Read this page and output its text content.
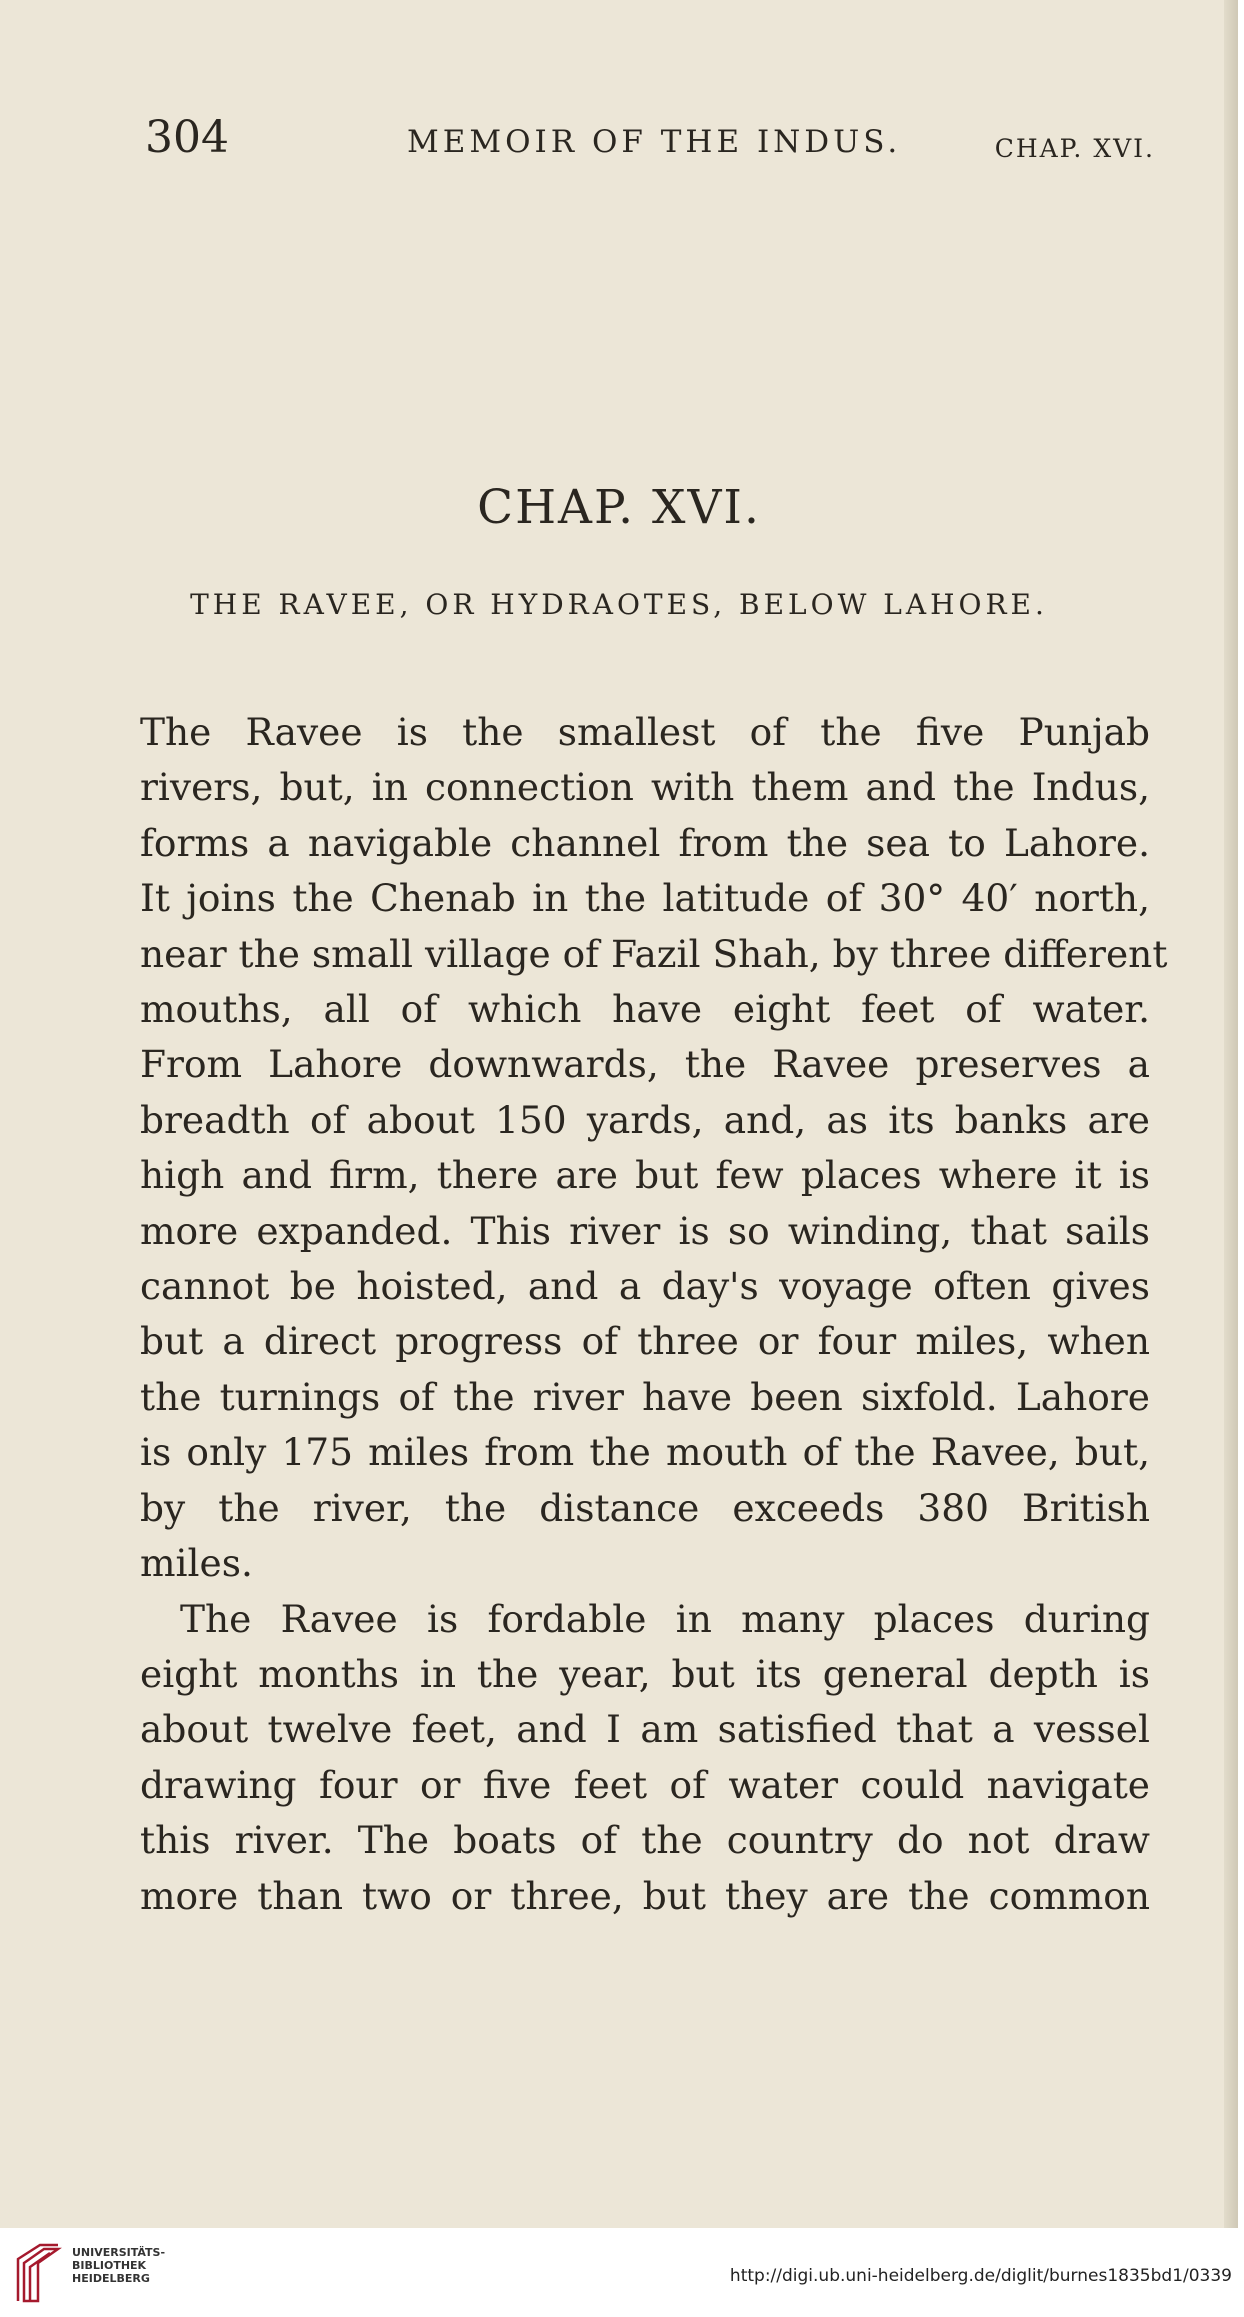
304	MEMOIR OF THE INDUS.	CHAP. XVI.
CHAP. XVI.
THE RAVEE, OR HYDRAOTES, BELOW LAHORE.
The Ravee is the smallest of the five Punjab
rivers, but, in connection with them and the Indus,
forms a navigable channel from the sea to Lahore.
It joins the Chenab in the latitude of 30° 40′ north,
near the small village of Fazil Shah, by three different
mouths, all of which have eight feet of water.
From Lahore downwards, the Ravee preserves a
breadth of about 150 yards, and, as its banks are
high and firm, there are but few places where it is
more expanded. This river is so winding, that sails
cannot be hoisted, and a day's voyage often gives
but a direct progress of three or four miles, when
the turnings of the river have been sixfold. Lahore
is only 175 miles from the mouth of the Ravee, but,
by the river, the distance exceeds 380 British
miles.
The Ravee is fordable in many places during
eight months in the year, but its general depth is
about twelve feet, and I am satisfied that a vessel
drawing four or five feet of water could navigate
this river. The boats of the country do not draw
more than two or three, but they are the common
UNIVERSITÄTS-
BIBLIOTHEK
HEIDELBERG	http://digi.ub.uni-heidelberg.de/diglit/burnes1835bd1/0339
